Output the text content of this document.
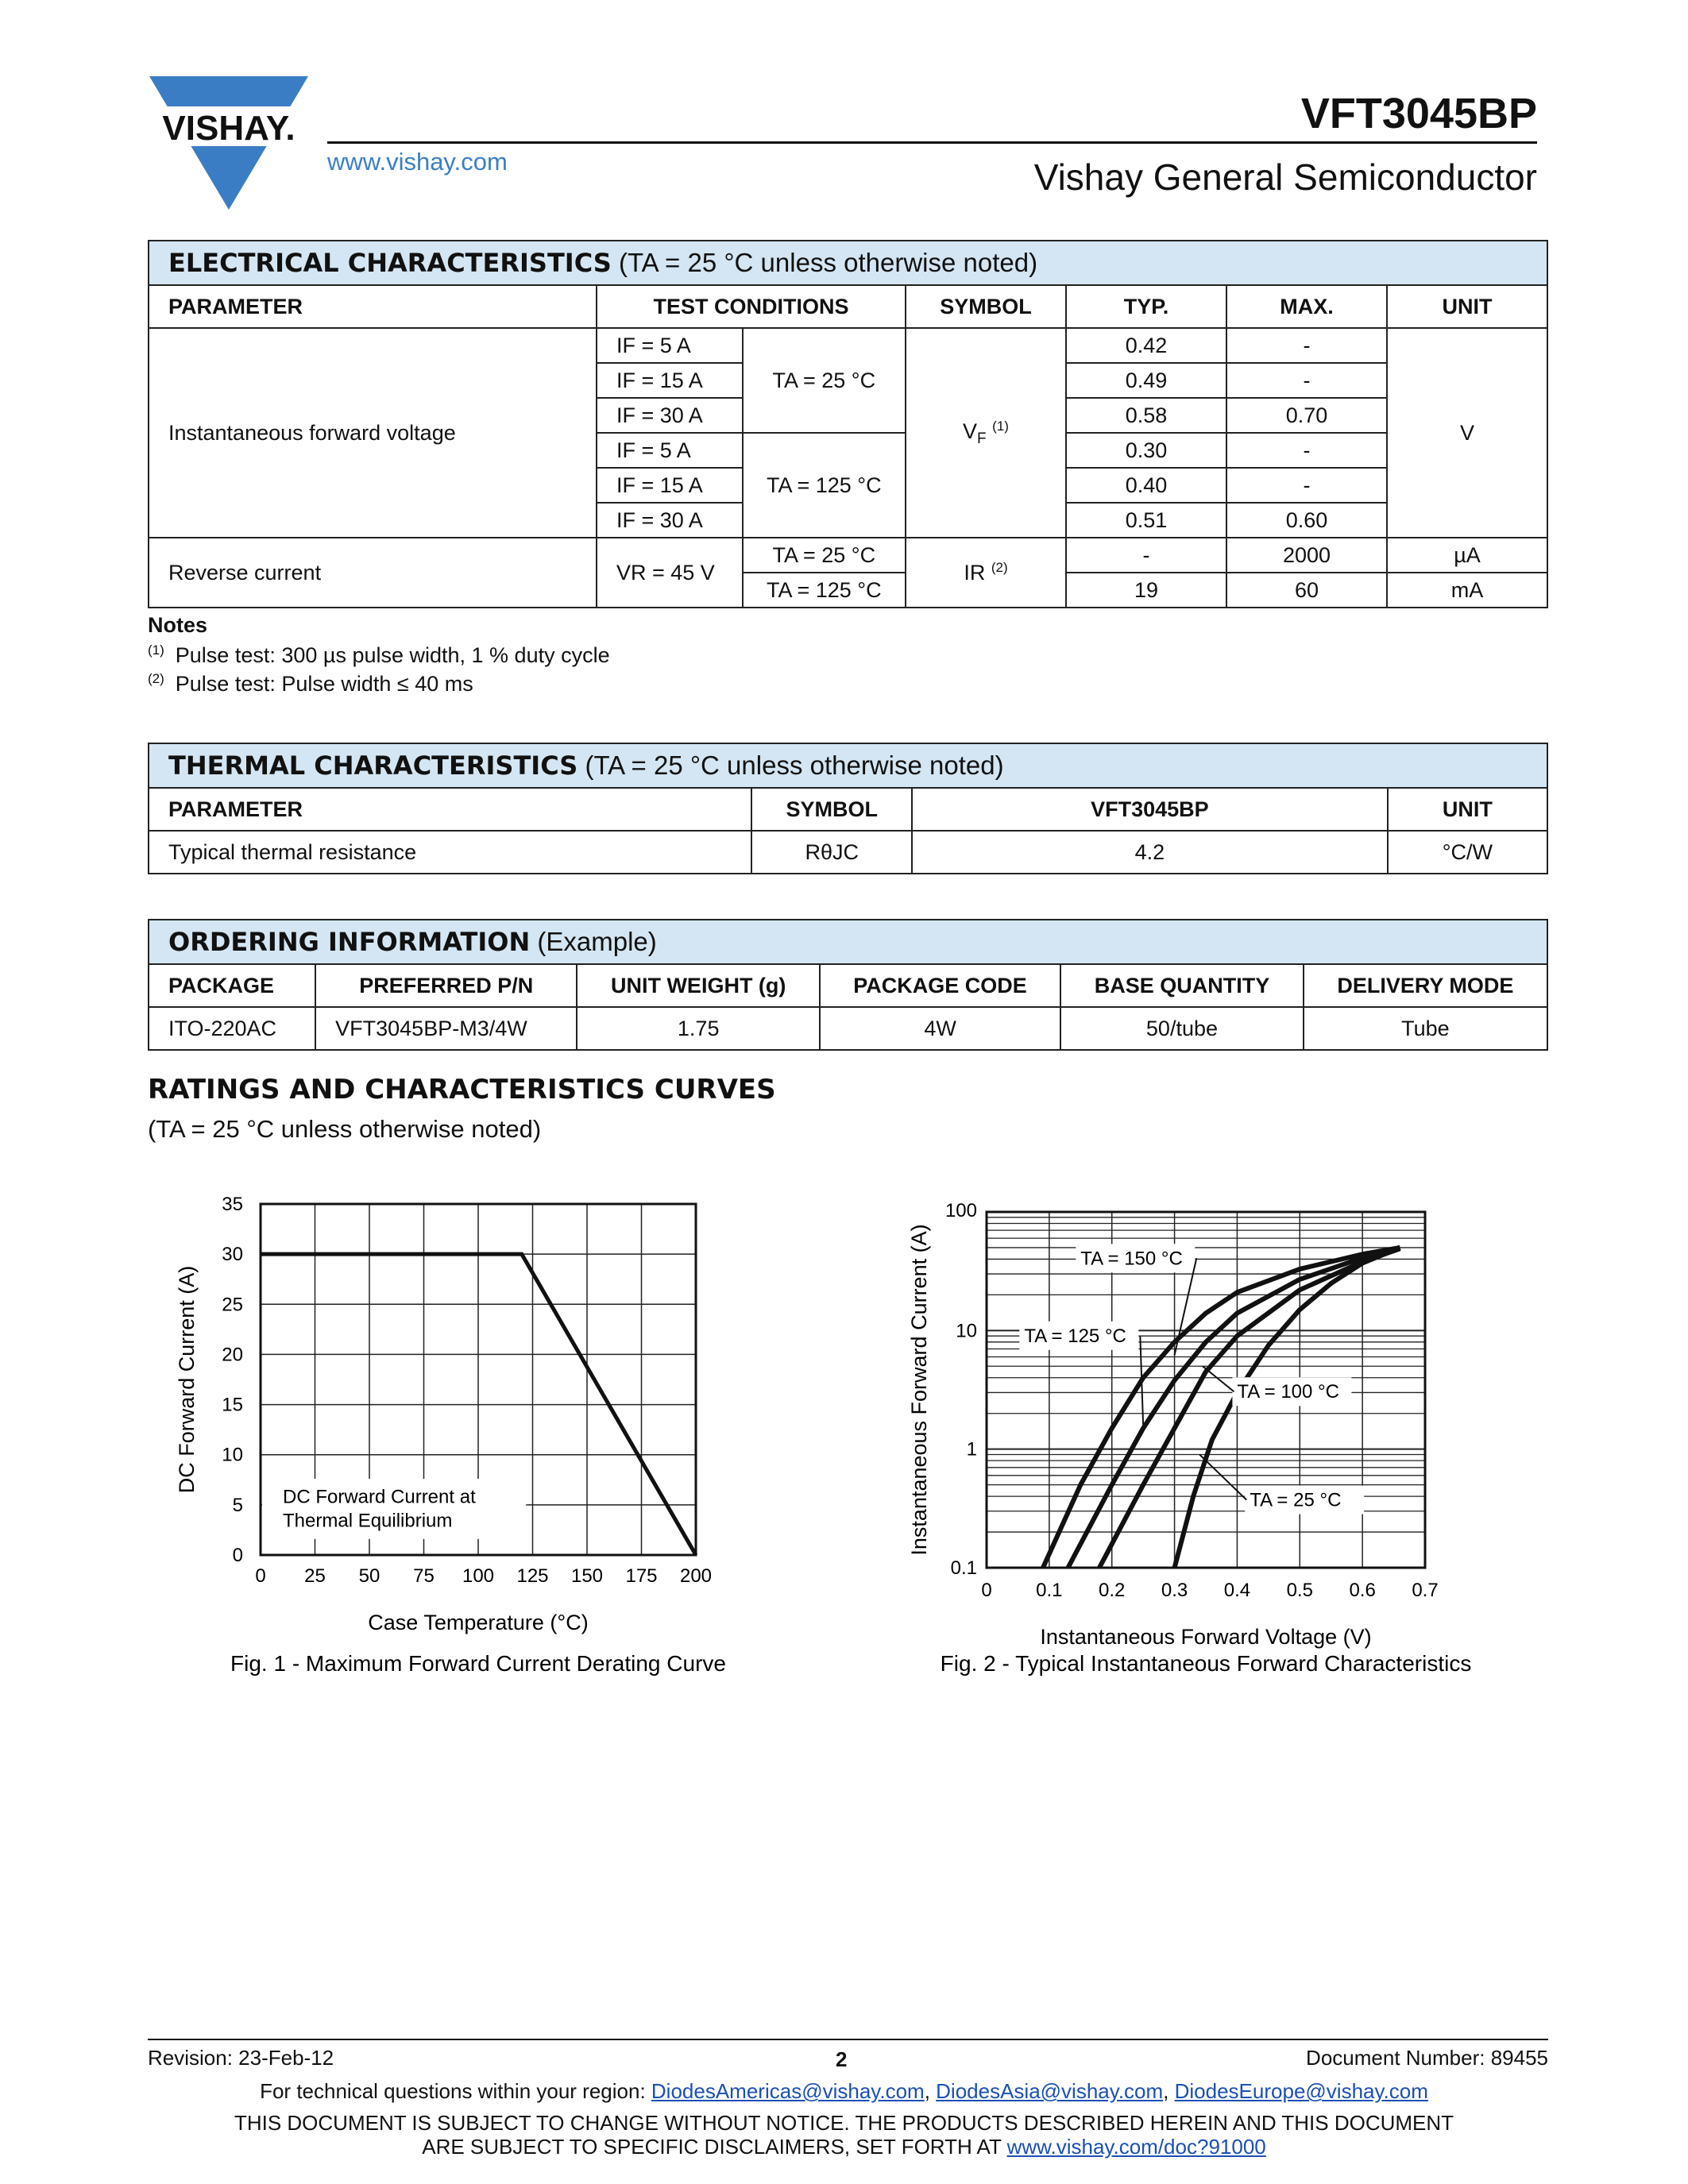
VISHAY.
www.vishay.com
VFT3045BP
Vishay General Semiconductor
ELECTRICAL CHARACTERISTICS (TA = 25 °C unless otherwise noted)						
PARAMETER	TEST CONDITIONS		SYMBOL	TYP.	MAX.	UNIT
Instantaneous forward voltage	IF = 5 A	TA = 25 °C	$V_F$ $^{(1)}$	0.42	-	V
	IF = 15 A			0.49	-	
	IF = 30 A			0.58	0.70	
	IF = 5 A	TA = 125 °C		0.30	-	
	IF = 15 A			0.40	-	
	IF = 30 A			0.51	0.60	
Reverse current	VR = 45 V	TA = 25 °C	IR $^{(2)}$	-	2000	µA
		TA = 125 °C		19	60	mA
Notes
$^{(1)}$ Pulse test: 300 µs pulse width, 1 % duty cycle
$^{(2)}$ Pulse test: Pulse width ≤ 40 ms
THERMAL CHARACTERISTICS (TA = 25 °C unless otherwise noted)			
PARAMETER	SYMBOL	VFT3045BP	UNIT
Typical thermal resistance	RθJC	4.2	°C/W
ORDERING INFORMATION (Example)					
PACKAGE	PREFERRED P/N	UNIT WEIGHT (g)	PACKAGE CODE	BASE QUANTITY	DELIVERY MODE
ITO-220AC	VFT3045BP-M3/4W	1.75	4W	50/tube	Tube
RATINGS AND CHARACTERISTICS CURVES
(TA = 25 °C unless otherwise noted)
0 25 50 75 100 125 150 175 200
0
5
10
15
20
25
30
35
DC Forward Current at
Thermal Equilibrium
Case Temperature (°C)
DC Forward Current (A)
Fig. 1 - Maximum Forward Current Derating Curve
0 0.1 0.2 0.3 0.4 0.5 0.6 0.7
0.1
1
10
100
TA = 150 °C
TA = 125 °C
TA = 100 °C
TA = 25 °C
Instantaneous Forward Voltage (V)
Instantaneous Forward Current (A)
Fig. 2 - Typical Instantaneous Forward Characteristics
Revision: 23-Feb-12	2	Document Number: 89455
For technical questions within your region: DiodesAmericas@vishay.com, DiodesAsia@vishay.com, DiodesEurope@vishay.com
THIS DOCUMENT IS SUBJECT TO CHANGE WITHOUT NOTICE. THE PRODUCTS DESCRIBED HEREIN AND THIS DOCUMENT
ARE SUBJECT TO SPECIFIC DISCLAIMERS, SET FORTH AT www.vishay.com/doc?91000
